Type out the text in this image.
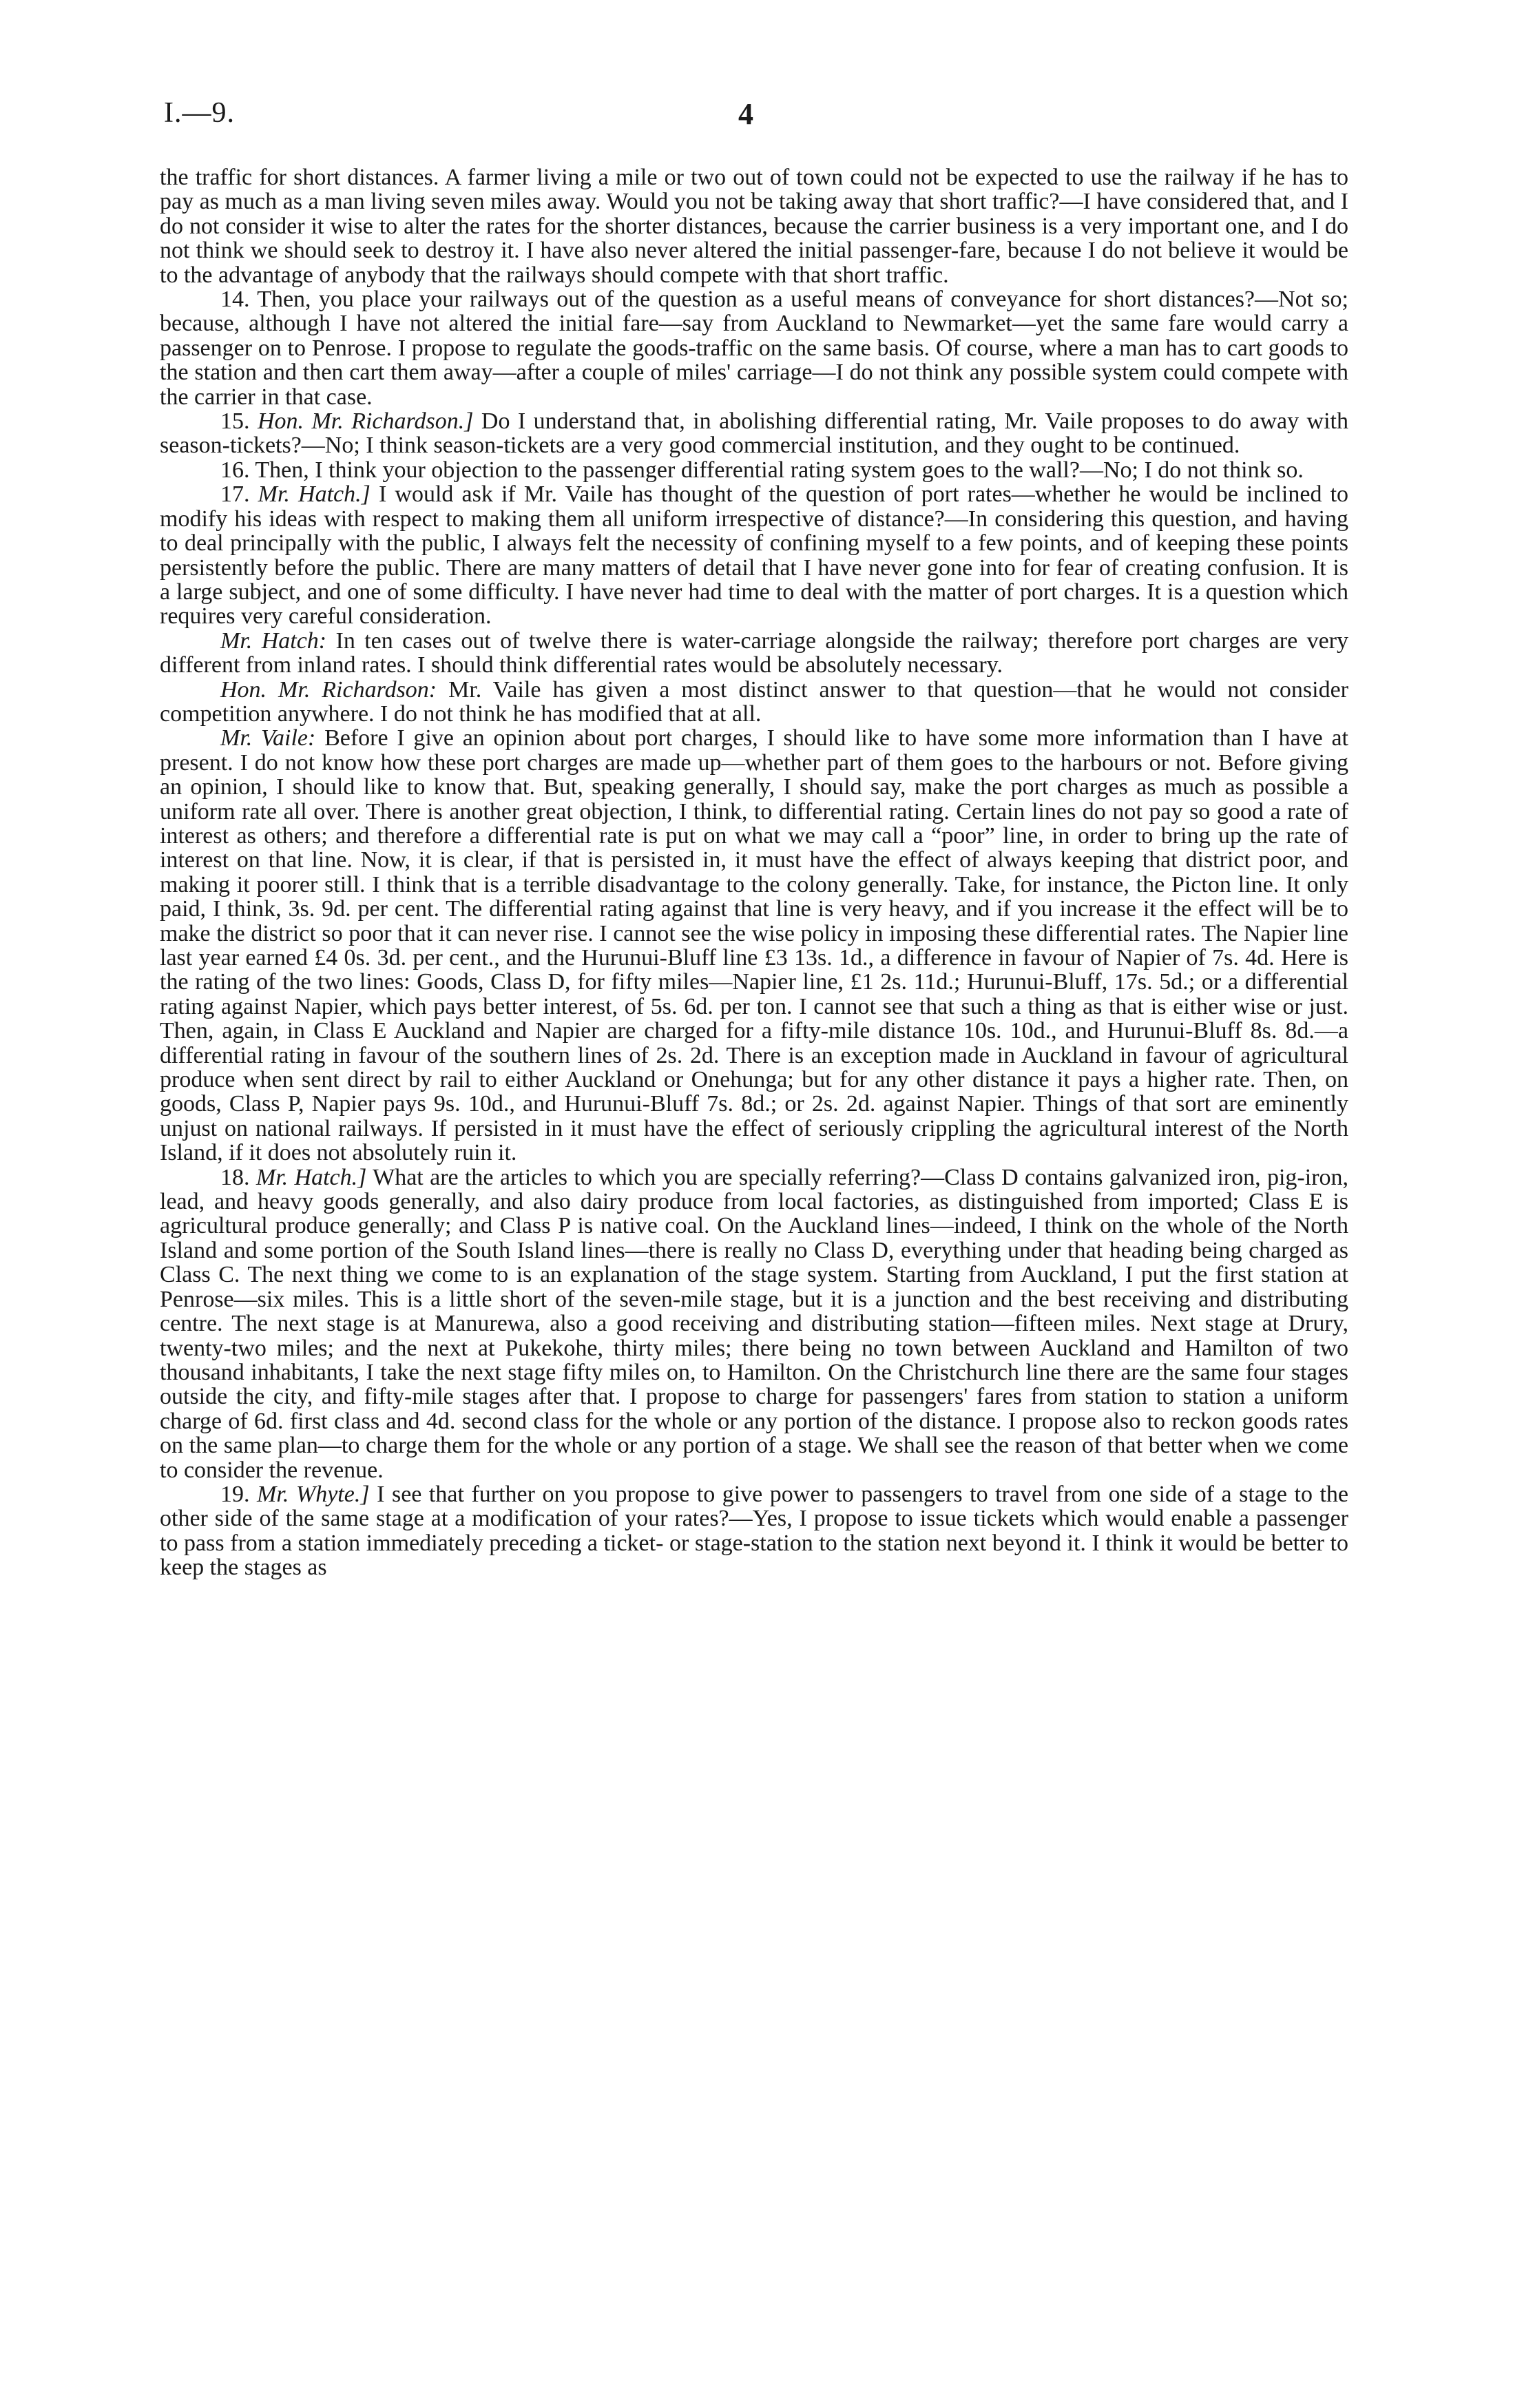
I.—9.	4

the traffic for short distances. A farmer living a mile or two out of town could not be expected to use the railway if he has to pay as much as a man living seven miles away. Would you not be taking away that short traffic?—I have considered that, and I do not consider it wise to alter the rates for the shorter distances, because the carrier business is a very important one, and I do not think we should seek to destroy it. I have also never altered the initial passenger-fare, because I do not believe it would be to the advantage of anybody that the railways should compete with that short traffic.

14. Then, you place your railways out of the question as a useful means of conveyance for short distances?—Not so; because, although I have not altered the initial fare—say from Auckland to Newmarket—yet the same fare would carry a passenger on to Penrose. I propose to regulate the goods-traffic on the same basis. Of course, where a man has to cart goods to the station and then cart them away—after a couple of miles' carriage—I do not think any possible system could compete with the carrier in that case.

15. Hon. Mr. Richardson.] Do I understand that, in abolishing differential rating, Mr. Vaile proposes to do away with season-tickets?—No; I think season-tickets are a very good commercial institution, and they ought to be continued.

16. Then, I think your objection to the passenger differential rating system goes to the wall?—No; I do not think so.

17. Mr. Hatch.] I would ask if Mr. Vaile has thought of the question of port rates—whether he would be inclined to modify his ideas with respect to making them all uniform irrespective of distance?—In considering this question, and having to deal principally with the public, I always felt the necessity of confining myself to a few points, and of keeping these points persistently before the public. There are many matters of detail that I have never gone into for fear of creating confusion. It is a large subject, and one of some difficulty. I have never had time to deal with the matter of port charges. It is a question which requires very careful consideration.

Mr. Hatch: In ten cases out of twelve there is water-carriage alongside the railway; therefore port charges are very different from inland rates. I should think differential rates would be absolutely necessary.

Hon. Mr. Richardson: Mr. Vaile has given a most distinct answer to that question—that he would not consider competition anywhere. I do not think he has modified that at all.

Mr. Vaile: Before I give an opinion about port charges, I should like to have some more information than I have at present. I do not know how these port charges are made up—whether part of them goes to the harbours or not. Before giving an opinion, I should like to know that. But, speaking generally, I should say, make the port charges as much as possible a uniform rate all over. There is another great objection, I think, to differential rating. Certain lines do not pay so good a rate of interest as others; and therefore a differential rate is put on what we may call a “poor” line, in order to bring up the rate of interest on that line. Now, it is clear, if that is persisted in, it must have the effect of always keeping that district poor, and making it poorer still. I think that is a terrible disadvantage to the colony generally. Take, for instance, the Picton line. It only paid, I think, 3s. 9d. per cent. The differential rating against that line is very heavy, and if you increase it the effect will be to make the district so poor that it can never rise. I cannot see the wise policy in imposing these differential rates. The Napier line last year earned £4 0s. 3d. per cent., and the Hurunui-Bluff line £3 13s. 1d., a difference in favour of Napier of 7s. 4d. Here is the rating of the two lines: Goods, Class D, for fifty miles—Napier line, £1 2s. 11d.; Hurunui-Bluff, 17s. 5d.; or a differential rating against Napier, which pays better interest, of 5s. 6d. per ton. I cannot see that such a thing as that is either wise or just. Then, again, in Class E Auckland and Napier are charged for a fifty-mile distance 10s. 10d., and Hurunui-Bluff 8s. 8d.—a differential rating in favour of the southern lines of 2s. 2d. There is an exception made in Auckland in favour of agricultural produce when sent direct by rail to either Auckland or Onehunga; but for any other distance it pays a higher rate. Then, on goods, Class P, Napier pays 9s. 10d., and Hurunui-Bluff 7s. 8d.; or 2s. 2d. against Napier. Things of that sort are eminently unjust on national railways. If persisted in it must have the effect of seriously crippling the agricultural interest of the North Island, if it does not absolutely ruin it.

18. Mr. Hatch.] What are the articles to which you are specially referring?—Class D contains galvanized iron, pig-iron, lead, and heavy goods generally, and also dairy produce from local factories, as distinguished from imported; Class E is agricultural produce generally; and Class P is native coal. On the Auckland lines—indeed, I think on the whole of the North Island and some portion of the South Island lines—there is really no Class D, everything under that heading being charged as Class C. The next thing we come to is an explanation of the stage system. Starting from Auckland, I put the first station at Penrose—six miles. This is a little short of the seven-mile stage, but it is a junction and the best receiving and distributing centre. The next stage is at Manurewa, also a good receiving and distributing station—fifteen miles. Next stage at Drury, twenty-two miles; and the next at Pukekohe, thirty miles; there being no town between Auckland and Hamilton of two thousand inhabitants, I take the next stage fifty miles on, to Hamilton. On the Christchurch line there are the same four stages outside the city, and fifty-mile stages after that. I propose to charge for passengers' fares from station to station a uniform charge of 6d. first class and 4d. second class for the whole or any portion of the distance. I propose also to reckon goods rates on the same plan—to charge them for the whole or any portion of a stage. We shall see the reason of that better when we come to consider the revenue.

19. Mr. Whyte.] I see that further on you propose to give power to passengers to travel from one side of a stage to the other side of the same stage at a modification of your rates?—Yes, I propose to issue tickets which would enable a passenger to pass from a station immediately preceding a ticket- or stage-station to the station next beyond it. I think it would be better to keep the stages as
